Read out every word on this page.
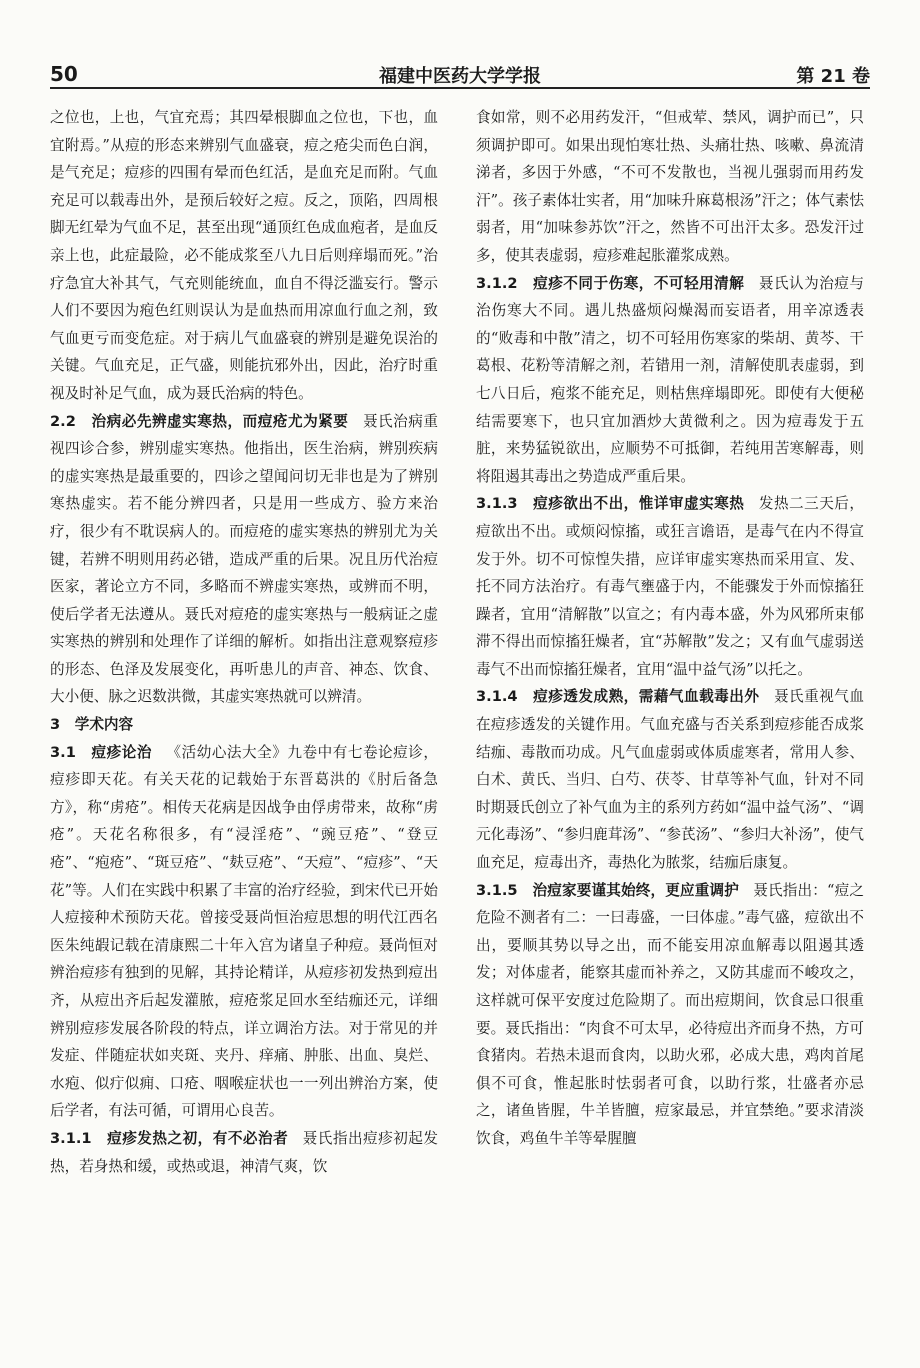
福建中医药大学学报
50	第 21 卷

之位也，上也，气宜充焉；其四晕根脚血之位也，下也，血宜附焉。”从痘的形态来辨别气血盛衰，痘之疮尖而色白润，是气充足；痘疹的四围有晕而色红活，是血充足而附。气血充足可以载毒出外，是预后较好之痘。反之，顶陷，四周根脚无红晕为气血不足，甚至出现“通顶红色成血疱者，是血反亲上也，此症最险，必不能成浆至八九日后则痒塌而死。”治疗急宜大补其气，气充则能统血，血自不得泛滥妄行。警示人们不要因为疱色红则误认为是血热而用凉血行血之剂，致气血更亏而变危症。对于病儿气血盛衰的辨别是避免误治的关键。气血充足，正气盛，则能抗邪外出，因此，治疗时重视及时补足气血，成为聂氏治病的特色。

2.2　治病必先辨虚实寒热，而痘疮尤为紧要 聂氏治病重视四诊合参，辨别虚实寒热。他指出，医生治病，辨别疾病的虚实寒热是最重要的，四诊之望闻问切无非也是为了辨别寒热虚实。若不能分辨四者，只是用一些成方、验方来治疗，很少有不耽误病人的。而痘疮的虚实寒热的辨别尤为关键，若辨不明则用药必错，造成严重的后果。况且历代治痘医家，著论立方不同，多略而不辨虚实寒热，或辨而不明，使后学者无法遵从。聂氏对痘疮的虚实寒热与一般病证之虚实寒热的辨别和处理作了详细的解析。如指出注意观察痘疹的形态、色泽及发展变化，再听患儿的声音、神态、饮食、大小便、脉之迟数洪微，其虚实寒热就可以辨清。

3　学术内容

3.1　痘疹论治 《活幼心法大全》九卷中有七卷论痘诊，痘疹即天花。有关天花的记载始于东晋葛洪的《肘后备急方》，称“虏疮”。相传天花病是因战争由俘虏带来，故称“虏疮”。天花名称很多，有“浸淫疮”、“豌豆疮”、“登豆疮”、“疱疮”、“斑豆疮”、“麸豆疮”、“天痘”、“痘疹”、“天花”等。人们在实践中积累了丰富的治疗经验，到宋代已开始人痘接种术预防天花。曾接受聂尚恒治痘思想的明代江西名医朱纯嘏记载在清康熙二十年入宫为诸皇子种痘。聂尚恒对辨治痘疹有独到的见解，其持论精详，从痘疹初发热到痘出齐，从痘出齐后起发灌脓，痘疮浆足回水至结痂还元，详细辨别痘疹发展各阶段的特点，详立调治方法。对于常见的并发症、伴随症状如夹斑、夹丹、痒痛、肿胀、出血、臭烂、水疱、似疔似痈、口疮、咽喉症状也一一列出辨治方案，使后学者，有法可循，可谓用心良苦。

3.1.1　痘疹发热之初，有不必治者 聂氏指出痘疹初起发热，若身热和缓，或热或退，神清气爽，饮

食如常，则不必用药发汗，“但戒荤、禁风，调护而已”，只须调护即可。如果出现怕寒壮热、头痛壮热、咳嗽、鼻流清涕者，多因于外感，“不可不发散也，当视儿强弱而用药发汗”。孩子素体壮实者，用“加味升麻葛根汤”汗之；体气素怯弱者，用“加味参苏饮”汗之，然皆不可出汗太多。恐发汗过多，使其表虚弱，痘疹难起胀灌浆成熟。

3.1.2　痘疹不同于伤寒，不可轻用清解 聂氏认为治痘与治伤寒大不同。遇儿热盛烦闷燥渴而妄语者，用辛凉透表的“败毒和中散”清之，切不可轻用伤寒家的柴胡、黄芩、干葛根、花粉等清解之剂，若错用一剂，清解使肌表虚弱，到七八日后，疱浆不能充足，则枯焦痒塌即死。即使有大便秘结需要寒下，也只宜加酒炒大黄微利之。因为痘毒发于五脏，来势猛锐欲出，应顺势不可抵御，若纯用苦寒解毒，则将阻遏其毒出之势造成严重后果。

3.1.3　痘疹欲出不出，惟详审虚实寒热 发热二三天后，痘欲出不出。或烦闷惊搐，或狂言谵语，是毒气在内不得宣发于外。切不可惊惶失措，应详审虚实寒热而采用宣、发、托不同方法治疗。有毒气壅盛于内，不能骤发于外而惊搐狂躁者，宜用“清解散”以宣之；有内毒本盛，外为风邪所束郁滞不得出而惊搐狂燥者，宜“苏解散”发之；又有血气虚弱送毒气不出而惊搐狂燥者，宜用“温中益气汤”以托之。

3.1.4　痘疹透发成熟，需藉气血载毒出外 聂氏重视气血在痘疹透发的关键作用。气血充盛与否关系到痘疹能否成浆结痂、毒散而功成。凡气血虚弱或体质虚寒者，常用人参、白术、黄氏、当归、白芍、茯苓、甘草等补气血，针对不同时期聂氏创立了补气血为主的系列方药如“温中益气汤”、“调元化毒汤”、“参归鹿茸汤”、“参芪汤”、“参归大补汤”，使气血充足，痘毒出齐，毒热化为脓浆，结痂后康复。

3.1.5　治痘家要谨其始终，更应重调护 聂氏指出：“痘之危险不测者有二：一曰毒盛，一曰体虚。”毒气盛，痘欲出不出，要顺其势以导之出，而不能妄用凉血解毒以阻遏其透发；对体虚者，能察其虚而补养之，又防其虚而不峻攻之，这样就可保平安度过危险期了。而出痘期间，饮食忌口很重要。聂氏指出：“肉食不可太早，必待痘出齐而身不热，方可食猪肉。若热未退而食肉，以助火邪，必成大患，鸡肉首尾俱不可食，惟起胀时怯弱者可食，以助行浆，壮盛者亦忌之，诸鱼皆腥，牛羊皆膻，痘家最忌，并宜禁绝。”要求清淡饮食，鸡鱼牛羊等晕腥膻
